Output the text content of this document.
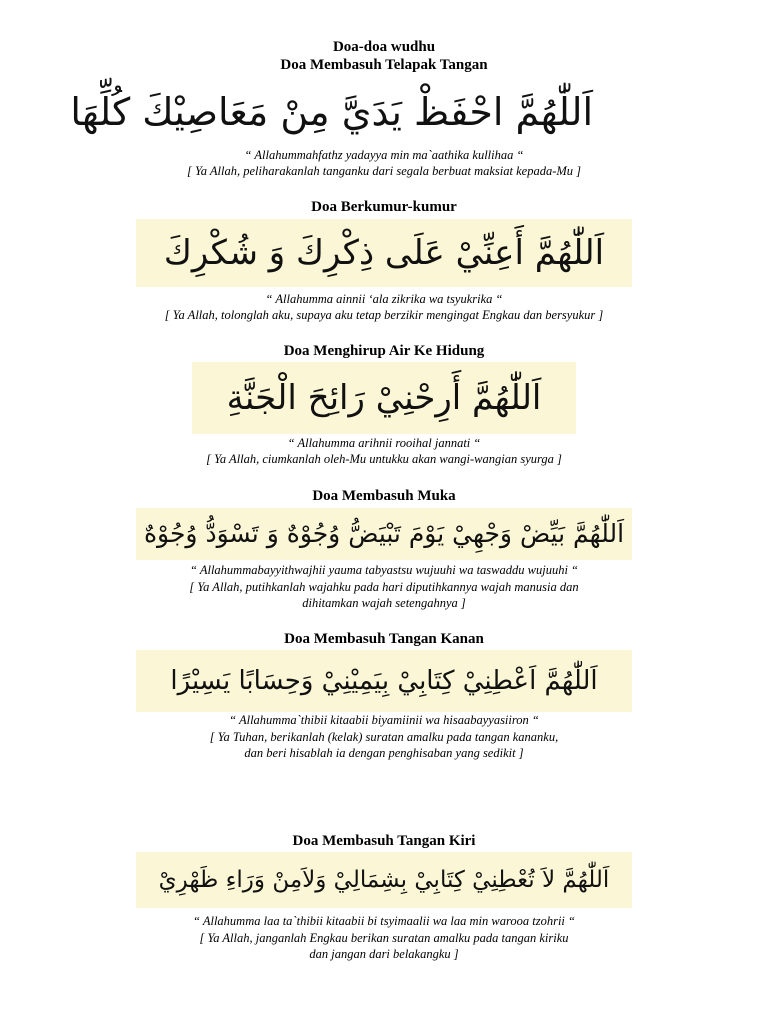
Doa-doa wudhu
Doa Membasuh Telapak Tangan
اَللّٰهُمَّ احْفَظْ يَدَيَّ مِنْ مَعَاصِيْكَ كُلِّهَا
“ Allahummahfathz yadayya min ma`aathika kullihaa “
[ Ya Allah, peliharakanlah tanganku dari segala berbuat maksiat kepada-Mu ]
Doa Berkumur-kumur
اَللّٰهُمَّ أَعِنِّيْ عَلَى ذِكْرِكَ وَ شُكْرِكَ
“ Allahumma ainnii ‘ala zikrika wa tsyukrika “
[ Ya Allah, tolonglah aku, supaya aku tetap berzikir mengingat Engkau dan bersyukur ]
Doa Menghirup Air Ke Hidung
اَللّٰهُمَّ أَرِحْنِيْ رَائِحَ الْجَنَّةِ
“ Allahumma arihnii rooihal jannati “
[ Ya Allah, ciumkanlah oleh-Mu untukku akan wangi-wangian syurga ]
Doa Membasuh Muka
اَللّٰهُمَّ بَيِّضْ وَجْهِيْ يَوْمَ تَبْيَضُّ وُجُوْهٌ وَ تَسْوَدُّ وُجُوْهٌ
“ Allahummabayyithwajhii yauma tabyastsu wujuuhi wa taswaddu wujuuhi “
[ Ya Allah, putihkanlah wajahku pada hari diputihkannya wajah manusia dan
dihitamkan wajah setengahnya ]
Doa Membasuh Tangan Kanan
اَللّٰهُمَّ اَعْطِنِيْ كِتَابِيْ بِيَمِيْنِيْ وَحِسَابًا يَسِيْرًا
“ Allahumma`thibii kitaabii biyamiinii wa hisaabayyasiiron “
[ Ya Tuhan, berikanlah (kelak) suratan amalku pada tangan kananku,
dan beri hisablah ia dengan penghisaban yang sedikit ]
Doa Membasuh Tangan Kiri
اَللّٰهُمَّ لاَ تُعْطِنِيْ كِتَابِيْ بِشِمَالِيْ وَلاَمِنْ وَرَاءِ ظَهْرِيْ
“ Allahumma laa ta`thibii kitaabii bi tsyimaalii wa laa min warooa tzohrii “
[ Ya Allah, janganlah Engkau berikan suratan amalku pada tangan kiriku
dan jangan dari belakangku ]
